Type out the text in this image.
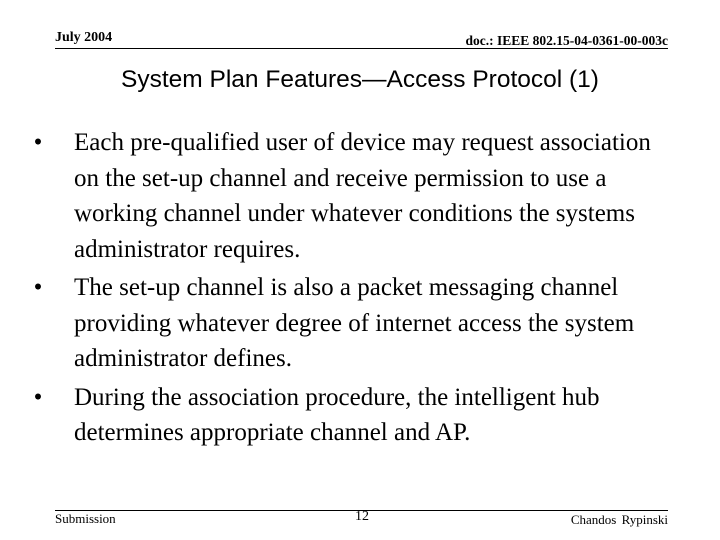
July 2004	doc.: IEEE 802.15-04-0361-00-003c
System Plan Features—Access Protocol (1)
• Each pre-qualified user of device may request association on the set-up channel and receive permission to use a working channel under whatever conditions the systems administrator requires.
• The set-up channel is also a packet messaging channel providing whatever degree of internet access the system administrator defines.
• During the association procedure, the intelligent hub determines appropriate channel and AP.
Submission	12	Chandos Rypinski
